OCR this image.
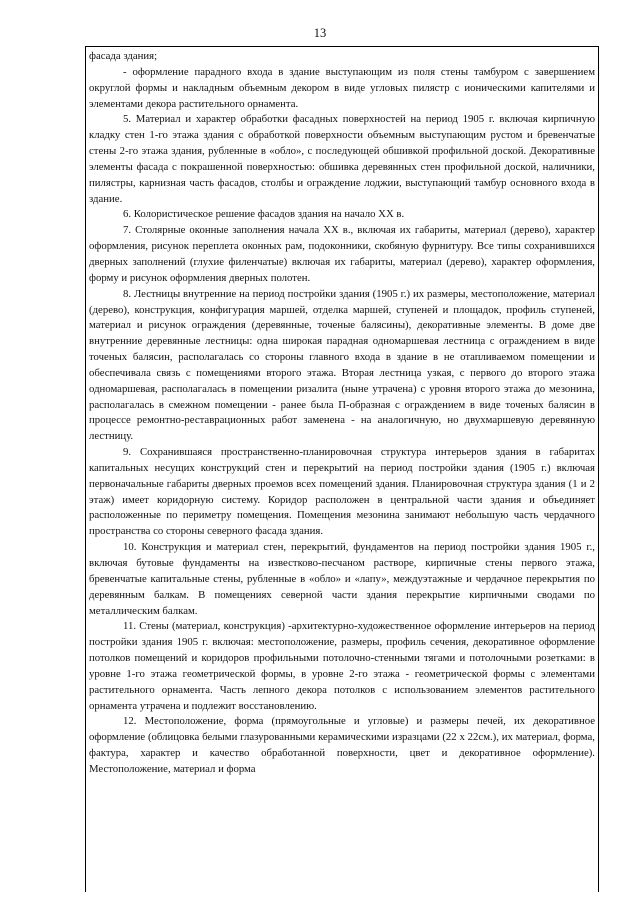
13

фасада здания;

- оформление парадного входа в здание выступающим из поля стены тамбуром с завершением округлой формы и накладным объемным декором в виде угловых пилястр с ионическими капителями и элементами декора растительного орнамента.

5. Материал и характер обработки фасадных поверхностей на период 1905 г. включая кирпичную кладку стен 1-го этажа здания с обработкой поверхности объемным выступающим рустом и бревенчатые стены 2-го этажа здания, рубленные в «обло», с последующей обшивкой профильной доской. Декоративные элементы фасада с покрашенной поверхностью: обшивка деревянных стен профильной доской, наличники, пилястры, карнизная часть фасадов, столбы и ограждение лоджии, выступающий тамбур основного входа в здание.

6. Колористическое решение фасадов здания на начало ХХ в.

7. Столярные оконные заполнения начала ХХ в., включая их габариты, материал (дерево), характер оформления, рисунок переплета оконных рам, подоконники, скобяную фурнитуру. Все типы сохранившихся дверных заполнений (глухие филенчатые) включая их габариты, материал (дерево), характер оформления, форму и рисунок оформления дверных полотен.

8. Лестницы внутренние на период постройки здания (1905 г.) их размеры, местоположение, материал (дерево), конструкция, конфигурация маршей, отделка маршей, ступеней и площадок, профиль ступеней, материал и рисунок ограждения (деревянные, точеные балясины), декоративные элементы. В доме две внутренние деревянные лестницы: одна широкая парадная одномаршевая лестница с ограждением в виде точеных балясин, располагалась со стороны главного входа в здание в не отапливаемом помещении и обеспечивала связь с помещениями второго этажа. Вторая лестница узкая, с первого до второго этажа одномаршевая, располагалась в помещении ризалита (ныне утрачена) с уровня второго этажа до мезонина, располагалась в смежном помещении - ранее была П-образная с ограждением в виде точеных балясин в процессе ремонтно-реставрационных работ заменена - на аналогичную, но двухмаршевую деревянную лестницу.

9. Сохранившаяся пространственно-планировочная структура интерьеров здания в габаритах капитальных несущих конструкций стен и перекрытий на период постройки здания (1905 г.) включая первоначальные габариты дверных проемов всех помещений здания. Планировочная структура здания (1 и 2 этаж) имеет коридорную систему. Коридор расположен в центральной части здания и объединяет расположенные по периметру помещения. Помещения мезонина занимают небольшую часть чердачного пространства со стороны северного фасада здания.

10. Конструкция и материал стен, перекрытий, фундаментов на период постройки здания 1905 г., включая бутовые фундаменты на известково-песчаном растворе, кирпичные стены первого этажа, бревенчатые капитальные стены, рубленные в «обло» и «лапу», междуэтажные и чердачное перекрытия по деревянным балкам. В помещениях северной части здания перекрытие кирпичными сводами по металлическим балкам.

11. Стены (материал, конструкция) -архитектурно-художественное оформление интерьеров на период постройки здания 1905 г. включая: местоположение, размеры, профиль сечения, декоративное оформление потолков помещений и коридоров профильными потолочно-стенными тягами и потолочными розетками: в уровне 1-го этажа геометрической формы, в уровне 2-го этажа - геометрической формы с элементами растительного орнамента. Часть лепного декора потолков с использованием элементов растительного орнамента утрачена и подлежит восстановлению.

12. Местоположение, форма (прямоугольные и угловые) и размеры печей, их декоративное оформление (облицовка белыми глазурованными керамическими изразцами (22 х 22см.), их материал, форма, фактура, характер и качество обработанной поверхности, цвет и декоративное оформление). Местоположение, материал и форма
